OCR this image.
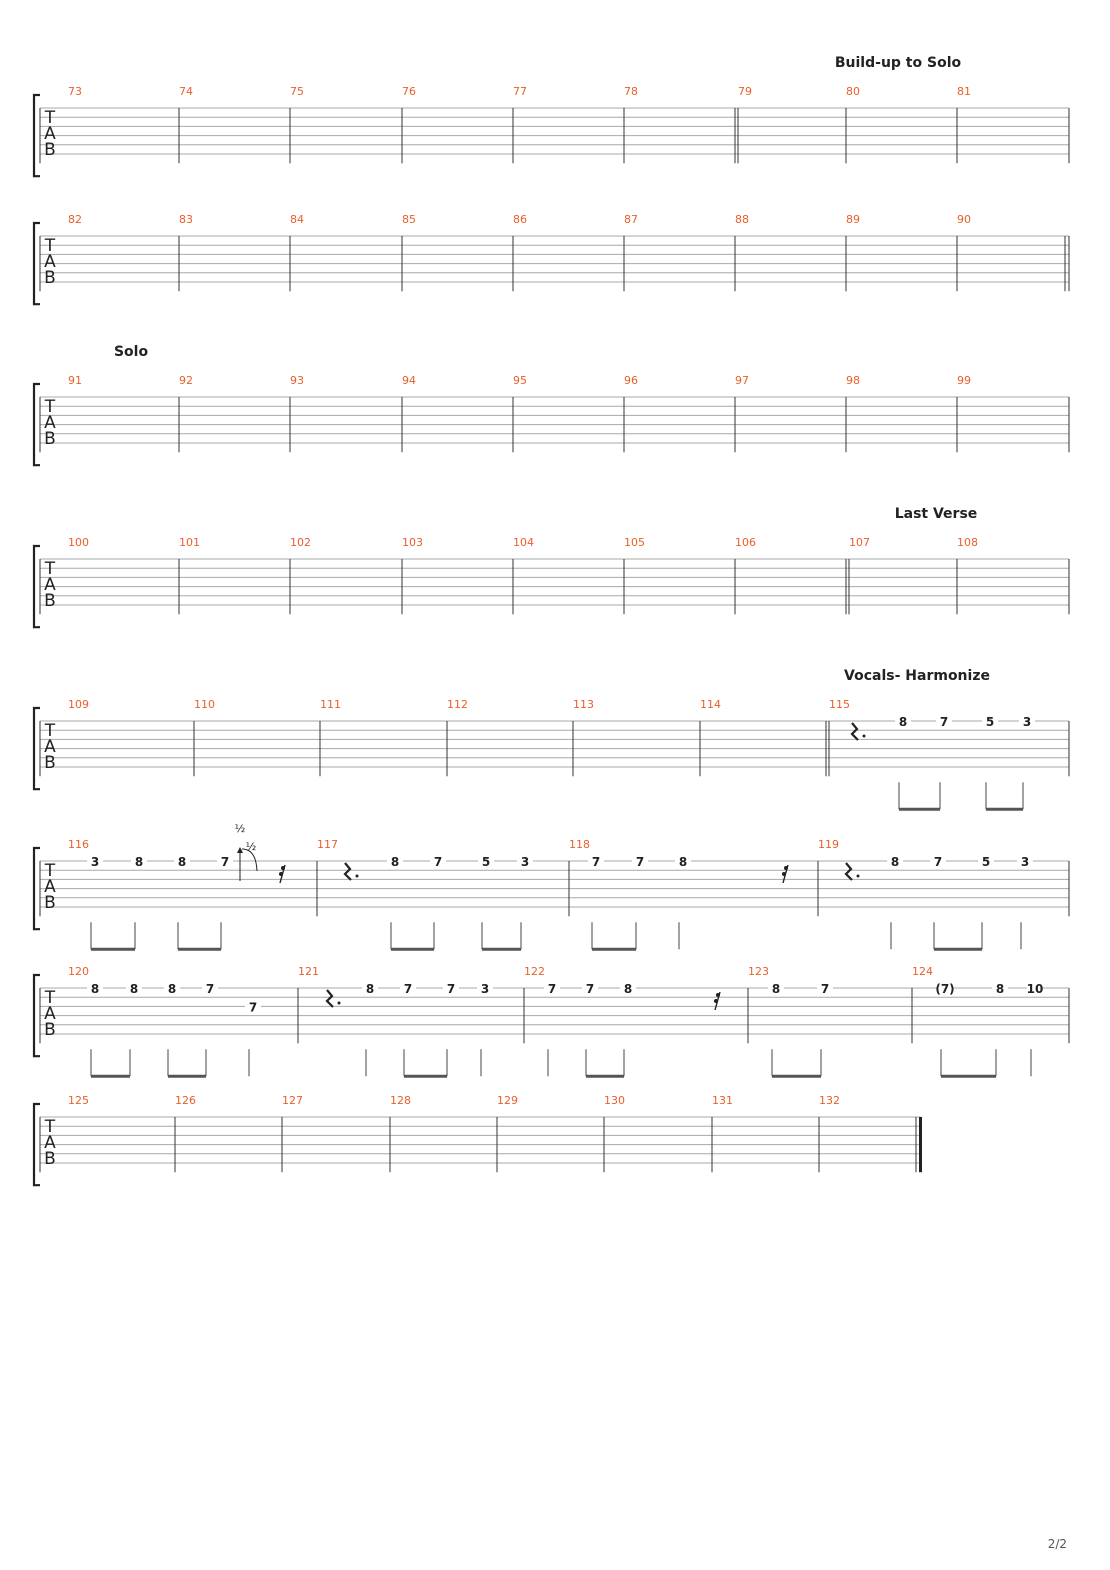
T
A
B
73	74	75	76	77	78	79	80	81
Build-up to Solo
T
A
B
82	83	84	85	86	87	88	89	90
T
A
B
91	92	93	94	95	96	97	98	99
Solo
T
A
B
100	101	102	103	104	105	106	107	108
Last Verse
T
A
B
109	110	111	112	113	114	115
Vocals- Harmonize
8	7	5 3
T
A
B
116	117	118	119
3	8	8	7	8	7	5	3	7	7	8	8	7	5	3
½
½
T
A
B
120	121	122	123	124
8	8 8 7
7
8 7	7 3	7 7 8	8	7	(7)	8 10
T
A
B
125	126	127	128	129	130	131	132
2/2
